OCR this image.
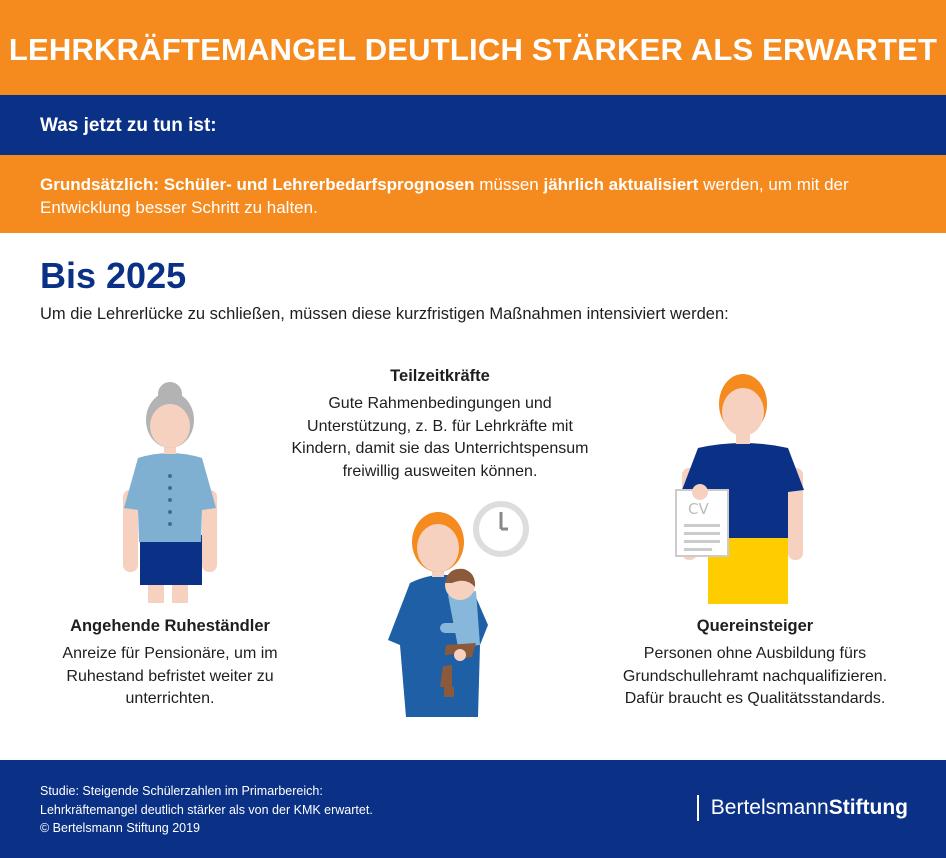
LEHRKRÄFTEMANGEL DEUTLICH STÄRKER ALS ERWARTET
Was jetzt zu tun ist:

Grundsätzlich: Schüler- und Lehrerbedarfsprognosen müssen jährlich aktualisiert werden, um mit der Entwicklung besser Schritt zu halten.

Bis 2025

Um die Lehrerlücke zu schließen, müssen diese kurzfristigen Maßnahmen intensiviert werden:

CV
Angehende Ruheständler
Anreize für Pensionäre, um im
Ruhestand befristet weiter zu
unterrichten.
Teilzeitkräfte
Gute Rahmenbedingungen und
Unterstützung, z. B. für Lehrkräfte mit
Kindern, damit sie das Unterrichtspensum
freiwillig ausweiten können.
Quereinsteiger
Personen ohne Ausbildung fürs
Grundschullehramt nachqualifizieren.
Dafür braucht es Qualitätsstandards.
Studie: Steigende Schülerzahlen im Primarbereich:
Lehrkräftemangel deutlich stärker als von der KMK erwartet.
© Bertelsmann Stiftung 2019
BertelsmannStiftung
